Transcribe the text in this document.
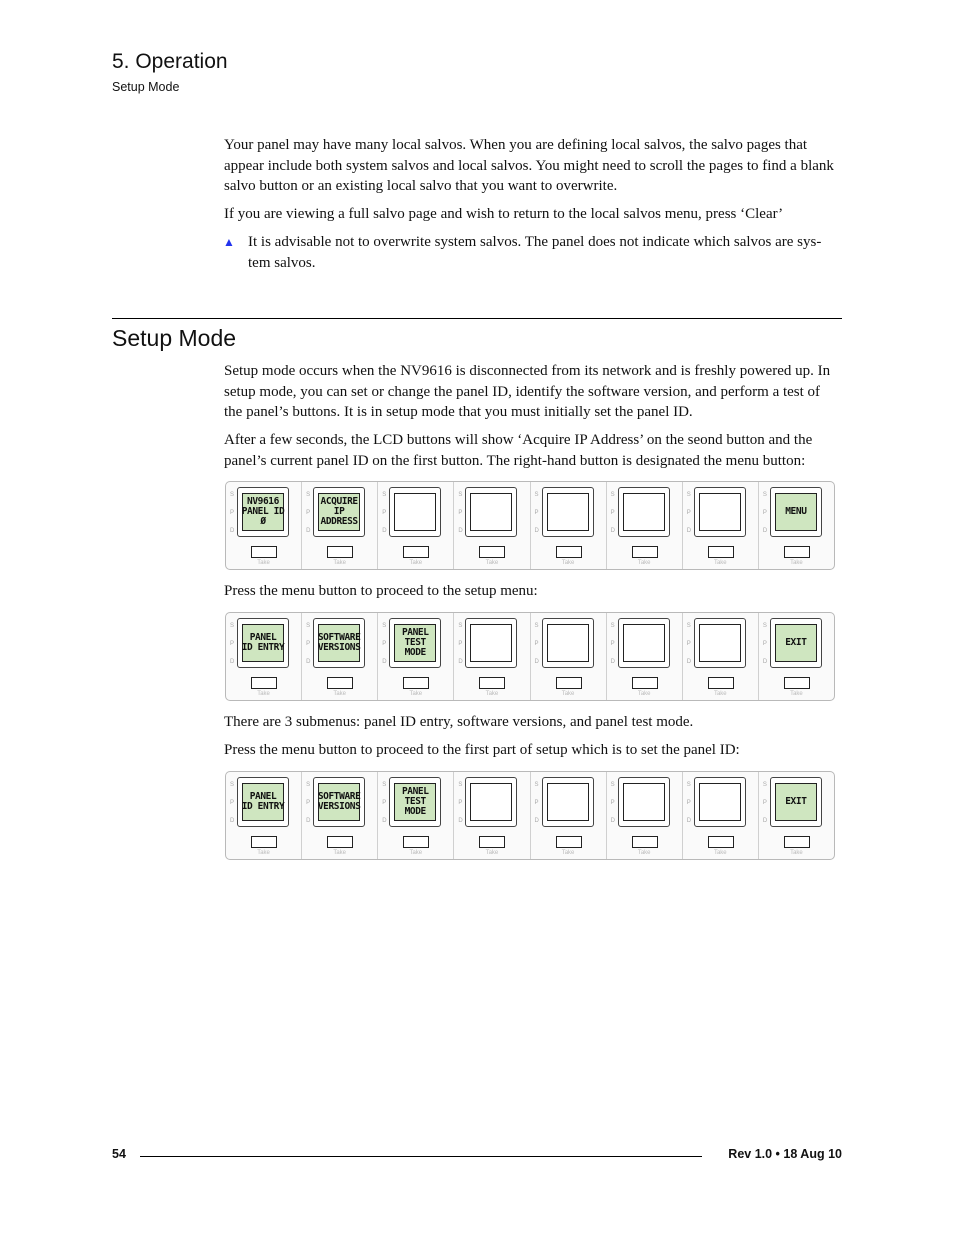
5. Operation
Setup Mode

Your panel may have many local salvos. When you are defining local salvos, the salvo pages that appear include both system salvos and local salvos. You might need to scroll the pages to find a blank salvo button or an existing local salvo that you want to overwrite.

If you are viewing a full salvo page and wish to return to the local salvos menu, press ‘Clear’

▲ It is advisable not to overwrite system salvos. The panel does not indicate which salvos are sys-tem salvos.

Setup Mode

Setup mode occurs when the NV9616 is disconnected from its network and is freshly powered up. In setup mode, you can set or change the panel ID, identify the software version, and perform a test of the panel’s buttons. It is in setup mode that you must initially set the panel ID.

After a few seconds, the LCD buttons will show ‘Acquire IP Address’ on the seond button and the panel’s current panel ID on the first button. The right-hand button is designated the menu button:

S
P
D
NV9616
PANEL ID
Ø
Take
S
P
D
ACQUIRE
IP
ADDRESS
Take
S
P
D
Take
S
P
D
Take
S
P
D
Take
S
P
D
Take
S
P
D
Take
S
P
D
MENU
Take

Press the menu button to proceed to the setup menu:

S
P
D
PANEL
ID ENTRY
Take
S
P
D
SOFTWARE
VERSIONS
Take
S
P
D
PANEL
TEST
MODE
Take
S
P
D
Take
S
P
D
Take
S
P
D
Take
S
P
D
Take
S
P
D
EXIT
Take

There are 3 submenus: panel ID entry, software versions, and panel test mode.

Press the menu button to proceed to the first part of setup which is to set the panel ID:

S
P
D
PANEL
ID ENTRY
Take
S
P
D
SOFTWARE
VERSIONS
Take
S
P
D
PANEL
TEST
MODE
Take
S
P
D
Take
S
P
D
Take
S
P
D
Take
S
P
D
Take
S
P
D
EXIT
Take
54	Rev 1.0 • 18 Aug 10
